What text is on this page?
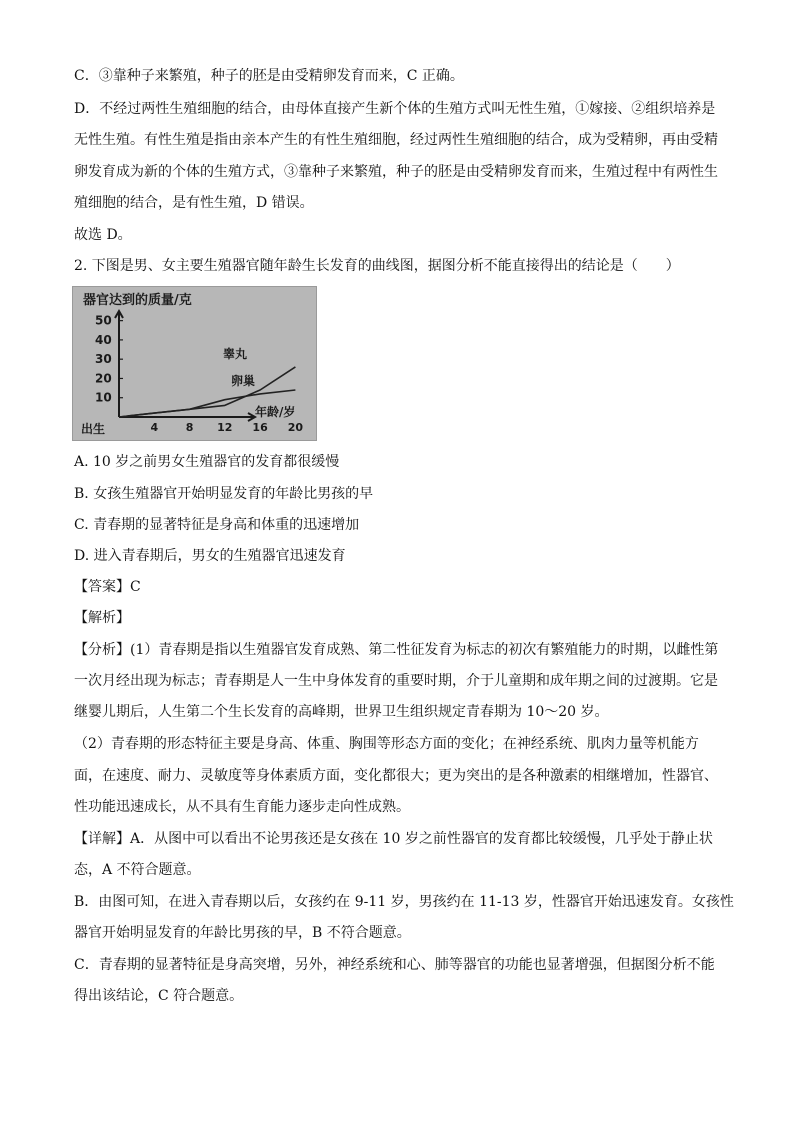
C．③靠种子来繁殖，种子的胚是由受精卵发育而来，C 正确。
D．不经过两性生殖细胞的结合，由母体直接产生新个体的生殖方式叫无性生殖，①嫁接、②组织培养是
无性生殖。有性生殖是指由亲本产生的有性生殖细胞，经过两性生殖细胞的结合，成为受精卵，再由受精
卵发育成为新的个体的生殖方式，③靠种子来繁殖，种子的胚是由受精卵发育而来，生殖过程中有两性生
殖细胞的结合，是有性生殖，D 错误。
故选 D。
2. 下图是男、女主要生殖器官随年龄生长发育的曲线图，据图分析不能直接得出的结论是（　　）
器官达到的质量/克
50
40
30
20
10
4	8 12 16 20
出生
年龄/岁
睾丸
卵巢
A. 10 岁之前男女生殖器官的发育都很缓慢
B. 女孩生殖器官开始明显发育的年龄比男孩的早
C. 青春期的显著特征是身高和体重的迅速增加
D. 进入青春期后，男女的生殖器官迅速发育
【答案】C
【解析】
【分析】(1）青春期是指以生殖器官发育成熟、第二性征发育为标志的初次有繁殖能力的时期，以雌性第
一次月经出现为标志；青春期是人一生中身体发育的重要时期，介于儿童期和成年期之间的过渡期。它是
继婴儿期后，人生第二个生长发育的高峰期，世界卫生组织规定青春期为 10～20 岁。
（2）青春期的形态特征主要是身高、体重、胸围等形态方面的变化；在神经系统、肌肉力量等机能方
面，在速度、耐力、灵敏度等身体素质方面，变化都很大；更为突出的是各种激素的相继增加，性器官、
性功能迅速成长，从不具有生育能力逐步走向性成熟。
【详解】A．从图中可以看出不论男孩还是女孩在 10 岁之前性器官的发育都比较缓慢，几乎处于静止状
态，A 不符合题意。
B．由图可知，在进入青春期以后，女孩约在 9-11 岁，男孩约在 11-13 岁，性器官开始迅速发育。女孩性
器官开始明显发育的年龄比男孩的早，B 不符合题意。
C．青春期的显著特征是身高突增，另外，神经系统和心、肺等器官的功能也显著增强，但据图分析不能
得出该结论，C 符合题意。
